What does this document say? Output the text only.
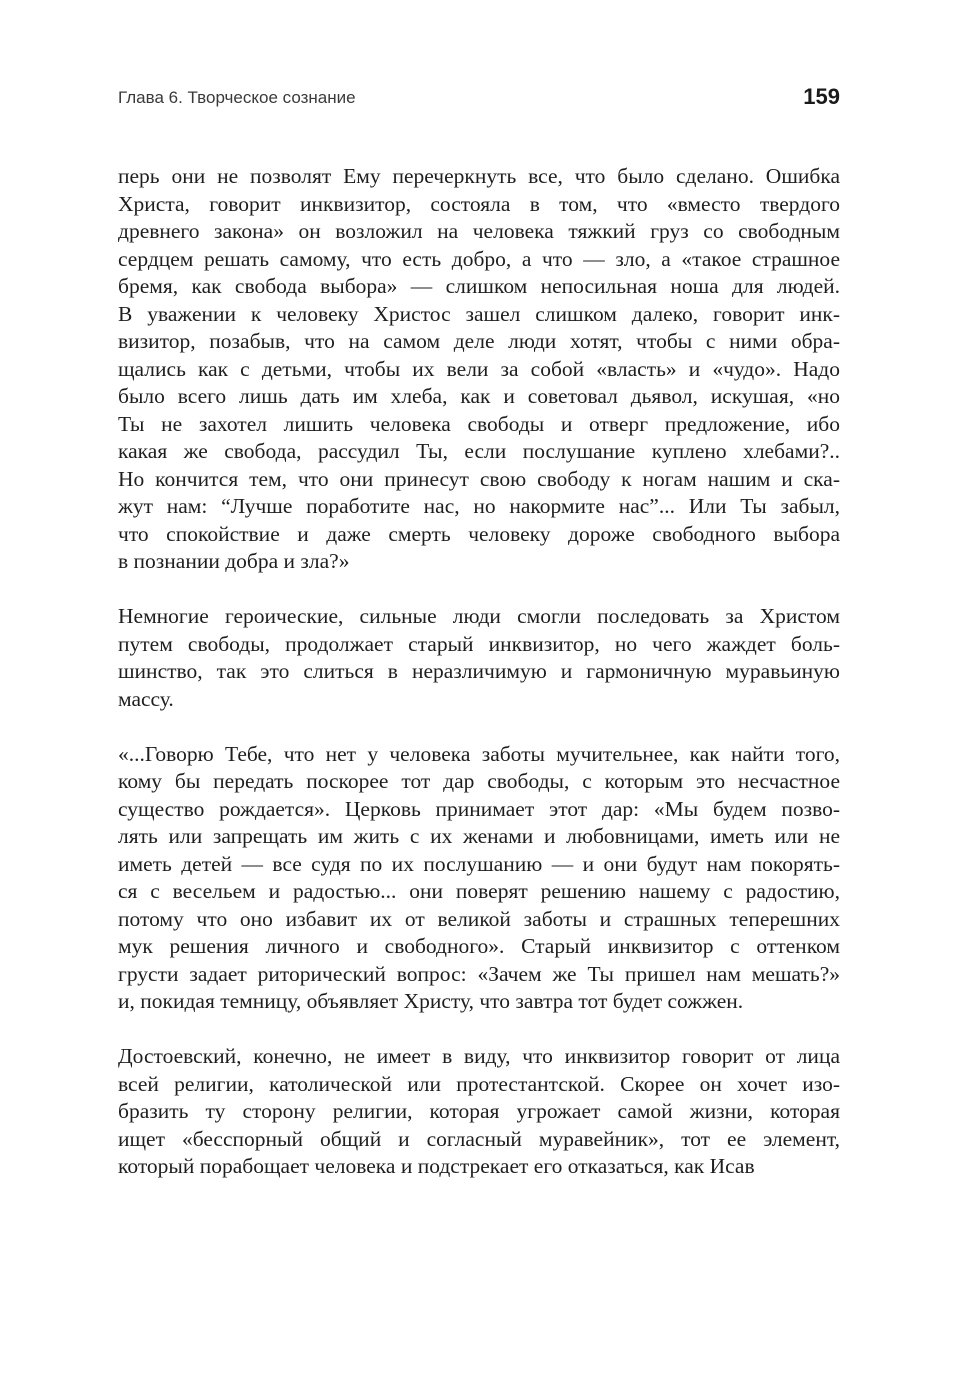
Глава 6. Творческое сознание	159
перь они не позволят Ему перечеркнуть все, что было сделано. Ошибка
Христа, говорит инквизитор, состояла в том, что «вместо твердого
древнего закона» он возложил на человека тяжкий груз со свободным
сердцем решать самому, что есть добро, а что — зло, а «такое страшное
бремя, как свобода выбора» — слишком непосильная ноша для людей.
В уважении к человеку Христос зашел слишком далеко, говорит инк-
визитор, позабыв, что на самом деле люди хотят, чтобы с ними обра-
щались как с детьми, чтобы их вели за собой «власть» и «чудо». Надо
было всего лишь дать им хлеба, как и советовал дьявол, искушая, «но
Ты не захотел лишить человека свободы и отверг предложение, ибо
какая же свобода, рассудил Ты, если послушание куплено хлебами?..
Но кончится тем, что они принесут свою свободу к ногам нашим и ска-
жут нам: “Лучше поработите нас, но накормите нас”... Или Ты забыл,
что спокойствие и даже смерть человеку дороже свободного выбора
в познании добра и зла?»
Немногие героические, сильные люди смогли последовать за Христом
путем свободы, продолжает старый инквизитор, но чего жаждет боль-
шинство, так это слиться в неразличимую и гармоничную муравьиную
массу.
«...Говорю Тебе, что нет у человека заботы мучительнее, как найти того,
кому бы передать поскорее тот дар свободы, с которым это несчастное
существо рождается». Церковь принимает этот дар: «Мы будем позво-
лять или запрещать им жить с их женами и любовницами, иметь или не
иметь детей — все судя по их послушанию — и они будут нам покорять-
ся с весельем и радостью... они поверят решению нашему с радостию,
потому что оно избавит их от великой заботы и страшных теперешних
мук решения личного и свободного». Старый инквизитор с оттенком
грусти задает риторический вопрос: «Зачем же Ты пришел нам мешать?»
и, покидая темницу, объявляет Христу, что завтра тот будет сожжен.
Достоевский, конечно, не имеет в виду, что инквизитор говорит от лица
всей религии, католической или протестантской. Скорее он хочет изо-
бразить ту сторону религии, которая угрожает самой жизни, которая
ищет «бесспорный общий и согласный муравейник», тот ее элемент,
который порабощает человека и подстрекает его отказаться, как Исав
